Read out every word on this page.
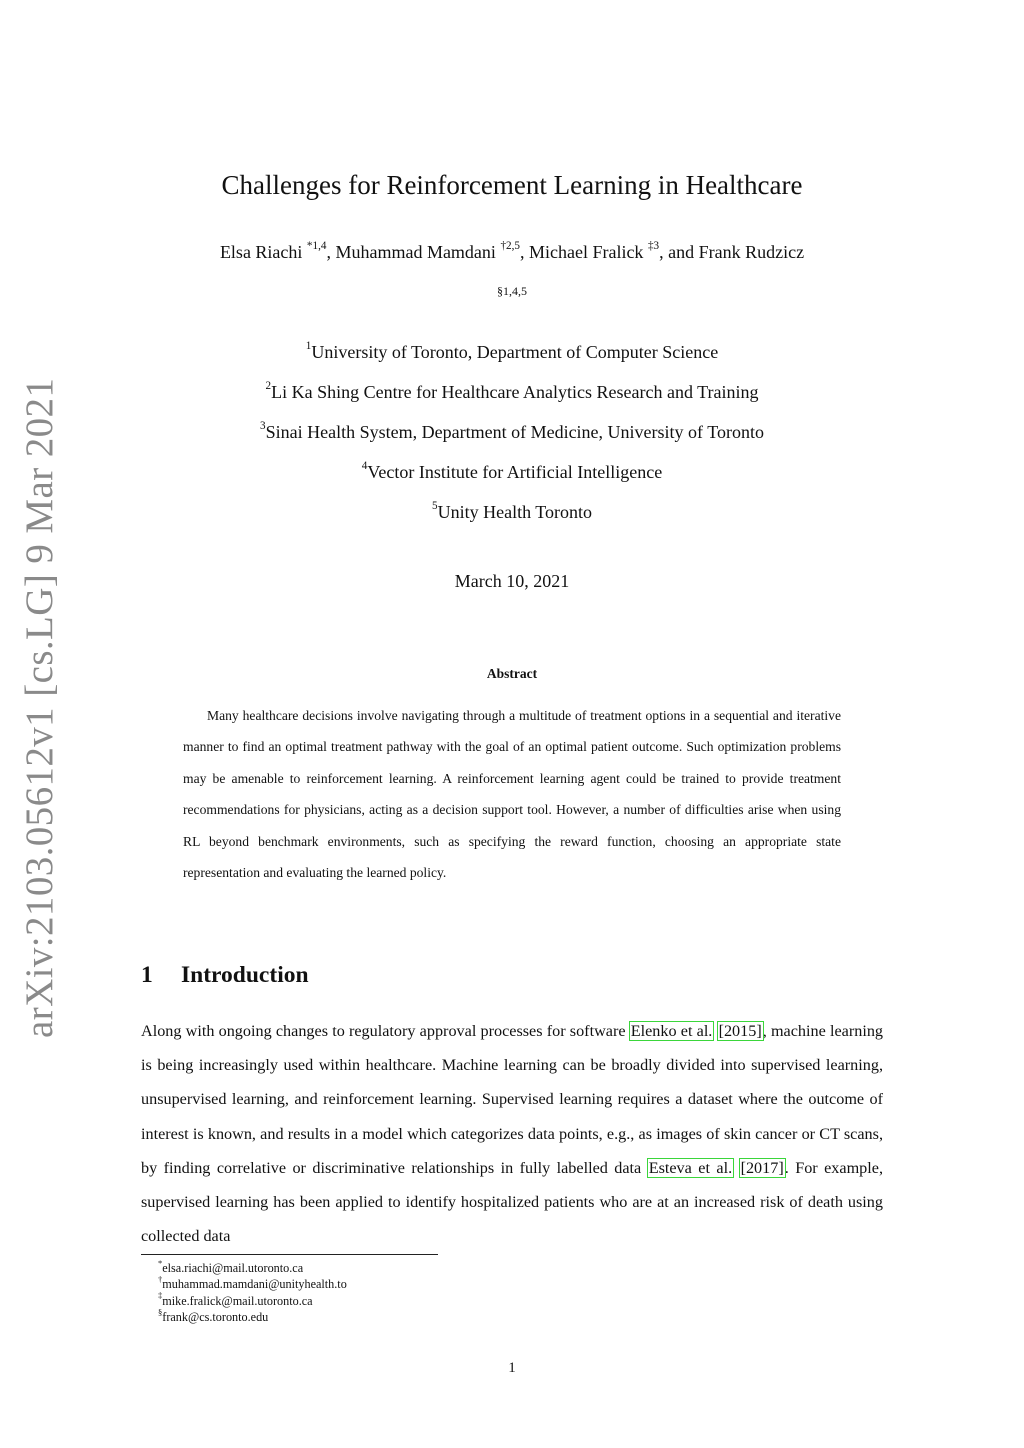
arXiv:2103.05612v1 [cs.LG] 9 Mar 2021
Challenges for Reinforcement Learning in Healthcare
Elsa Riachi $^{*1,4}$, Muhammad Mamdani $^{\dagger 2,5}$, Michael Fralick $^{\ddagger 3}$, and Frank Rudzicz
§1,4,5
$^1$University of Toronto, Department of Computer Science
$^2$Li Ka Shing Centre for Healthcare Analytics Research and Training
$^3$Sinai Health System, Department of Medicine, University of Toronto
$^4$Vector Institute for Artificial Intelligence
$^5$Unity Health Toronto
March 10, 2021
Abstract

Many healthcare decisions involve navigating through a multitude of treatment options in a sequential and iterative manner to find an optimal treatment pathway with the goal of an optimal patient outcome. Such optimization problems may be amenable to reinforcement learning. A reinforcement learning agent could be trained to provide treatment recommendations for physicians, acting as a decision support tool. However, a number of difficulties arise when using RL beyond benchmark environments, such as specifying the reward function, choosing an appropriate state representation and evaluating the learned policy.

1 Introduction

Along with ongoing changes to regulatory approval processes for software Elenko et al. [2015], machine learning is being increasingly used within healthcare. Machine learning can be broadly divided into supervised learning, unsupervised learning, and reinforcement learning. Supervised learning requires a dataset where the outcome of interest is known, and results in a model which categorizes data points, e.g., as images of skin cancer or CT scans, by finding correlative or discriminative relationships in fully labelled data Esteva et al. [2017]. For example, supervised learning has been applied to identify hospitalized patients who are at an increased risk of death using collected data

*elsa.riachi@mail.utoronto.ca
†muhammad.mamdani@unityhealth.to
‡mike.fralick@mail.utoronto.ca
§frank@cs.toronto.edu
1
